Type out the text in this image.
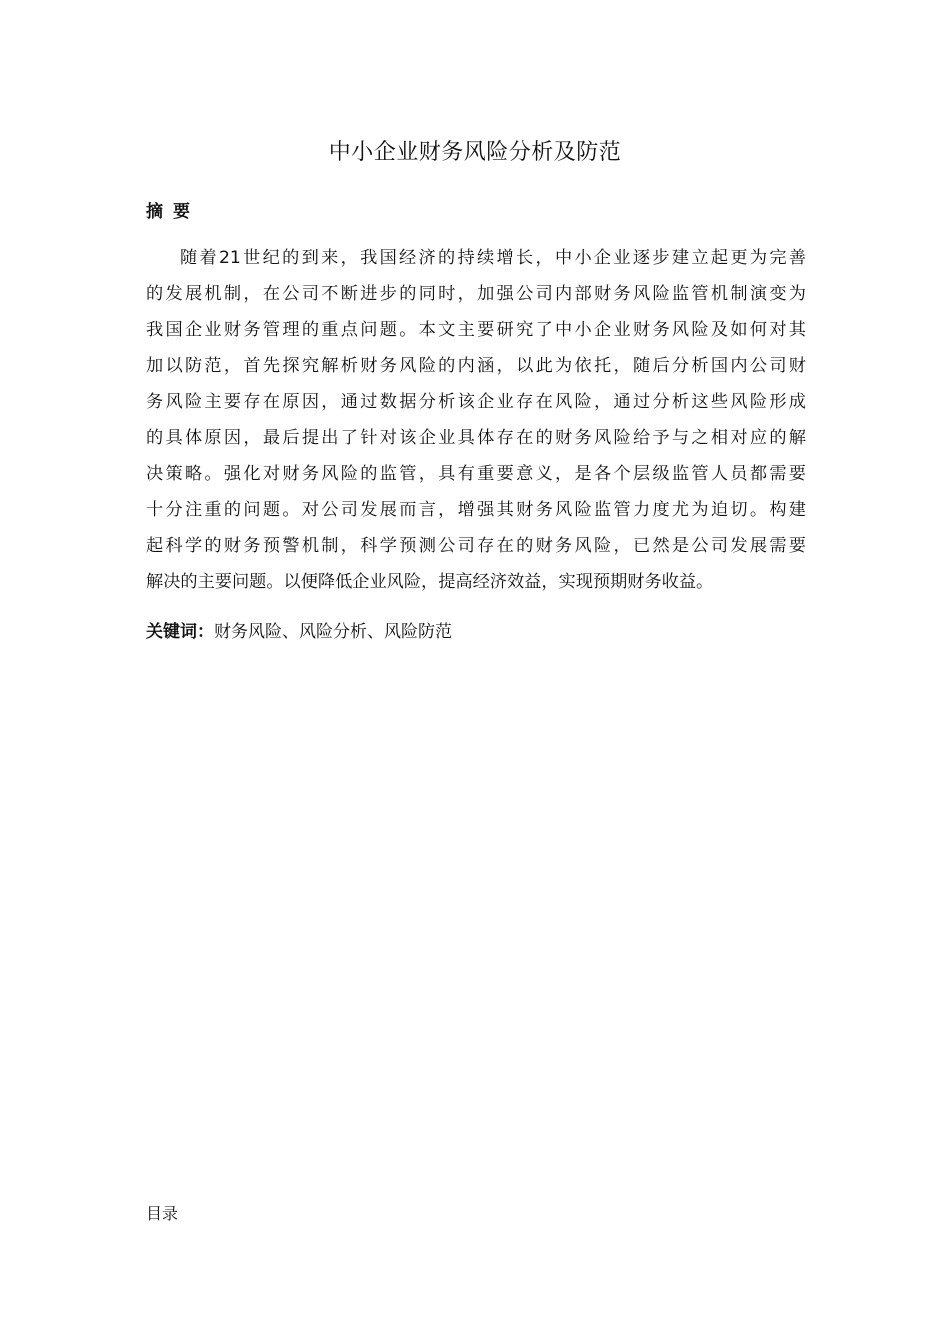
中小企业财务风险分析及防范
摘要
随着21世纪的到来，我国经济的持续增长，中小企业逐步建立起更为完善
的发展机制，在公司不断进步的同时，加强公司内部财务风险监管机制演变为
我国企业财务管理的重点问题。本文主要研究了中小企业财务风险及如何对其
加以防范，首先探究解析财务风险的内涵，以此为依托，随后分析国内公司财
务风险主要存在原因，通过数据分析该企业存在风险，通过分析这些风险形成
的具体原因，最后提出了针对该企业具体存在的财务风险给予与之相对应的解
决策略。强化对财务风险的监管，具有重要意义，是各个层级监管人员都需要
十分注重的问题。对公司发展而言，增强其财务风险监管力度尤为迫切。构建
起科学的财务预警机制，科学预测公司存在的财务风险，已然是公司发展需要
解决的主要问题。以便降低企业风险，提高经济效益，实现预期财务收益。
关键词：财务风险、风险分析、风险防范
目录
